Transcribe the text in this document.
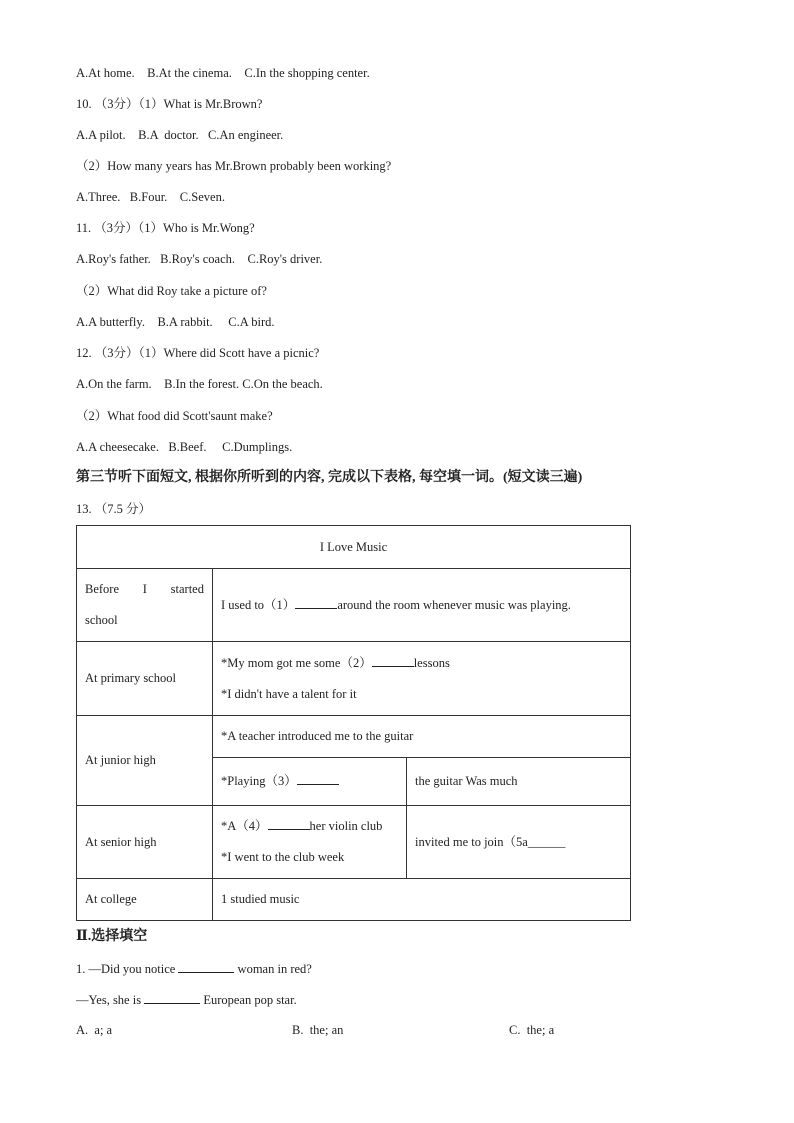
A.At home.    B.At the cinema.    C.In the shopping center.
10. （3分）（1）What is Mr.Brown?
A.A pilot.    B.A  doctor.   C.An engineer.
（2）How many years has Mr.Brown probably been working?
A.Three.   B.Four.    C.Seven.
11. （3分）（1）Who is Mr.Wong?
A.Roy's father.   B.Roy's coach.    C.Roy's driver.
（2）What did Roy take a picture of?
A.A butterfly.    B.A rabbit.     C.A bird.
12. （3分）（1）Where did Scott have a picnic?
A.On the farm.    B.In the forest. C.On the beach.
（2）What food did Scott'saunt make?
A.A cheesecake.   B.Beef.     C.Dumplings.
第三节听下面短文, 根据你所听到的内容, 完成以下表格, 每空填一词。(短文读三遍)
13. （7.5 分）
I Love Music		

Before I started
school	I used to（1） around the room whenever music was playing.	
At primary school	*My mom got me some（2） lessons
*I didn't have a talent for it	

At junior high	*A teacher introduced me to the guitar	
	*Playing（3）	the guitar Was much
At senior high	*A（4） her violin club
*I went to the club week	invited me to join（5a______
At college	1 studied music	
Ⅱ.选择填空
1. —Did you notice	woman in red?
—Yes, she is	European pop star.
A.  a; a	B.  the; an	C.  the; a
